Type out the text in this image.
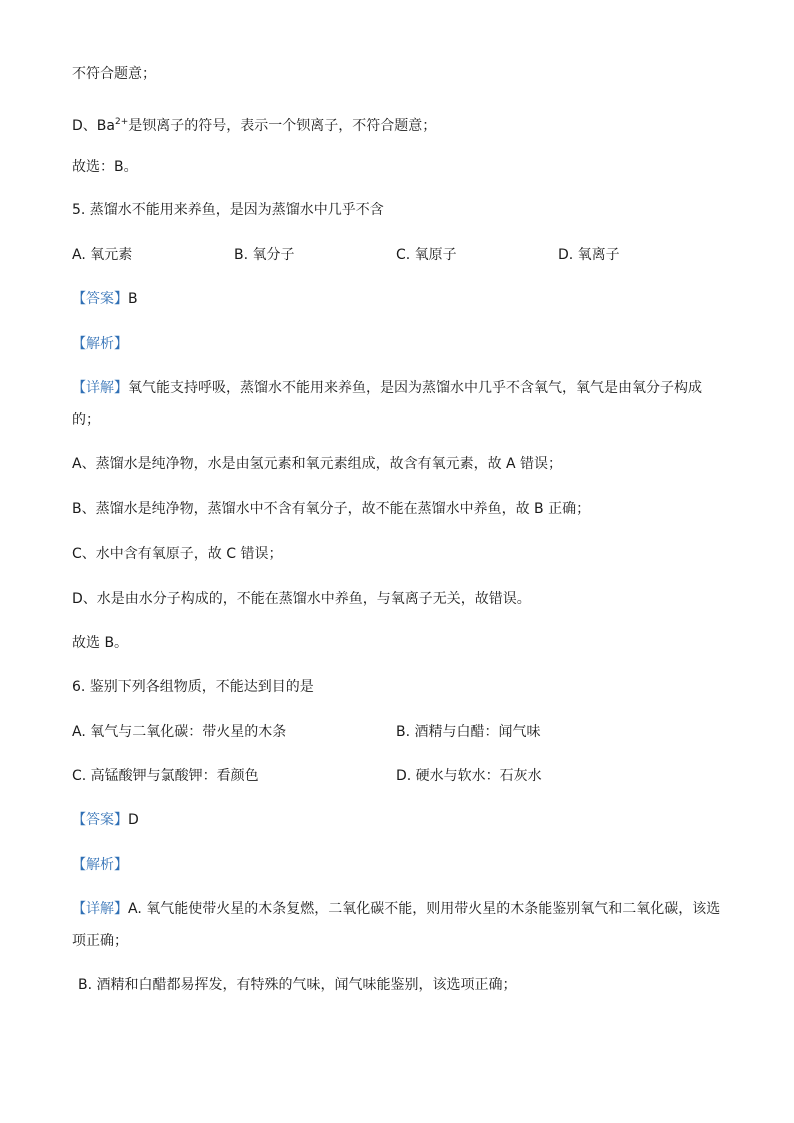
不符合题意；
D、$Ba^{2+}$是钡离子的符号，表示一个钡离子，不符合题意；
故选：B。
5. 蒸馏水不能用来养鱼，是因为蒸馏水中几乎不含
A. 氧元素	B. 氧分子	C. 氧原子	D. 氧离子
【答案】B
【解析】
【详解】氧气能支持呼吸，蒸馏水不能用来养鱼，是因为蒸馏水中几乎不含氧气，氧气是由氧分子构成的；
A、蒸馏水是纯净物，水是由氢元素和氧元素组成，故含有氧元素，故 A 错误；
B、蒸馏水是纯净物，蒸馏水中不含有氧分子，故不能在蒸馏水中养鱼，故 B 正确；
C、水中含有氧原子，故 C 错误；
D、水是由水分子构成的，不能在蒸馏水中养鱼，与氧离子无关，故错误。
故选 B。
6. 鉴别下列各组物质，不能达到目的是
A. 氧气与二氧化碳：带火星的木条	B. 酒精与白醋：闻气味
C. 高锰酸钾与氯酸钾：看颜色	D. 硬水与软水：石灰水
【答案】D
【解析】
【详解】A. 氧气能使带火星的木条复燃，二氧化碳不能，则用带火星的木条能鉴别氧气和二氧化碳，该选项正确；
B. 酒精和白醋都易挥发，有特殊的气味，闻气味能鉴别，该选项正确；
